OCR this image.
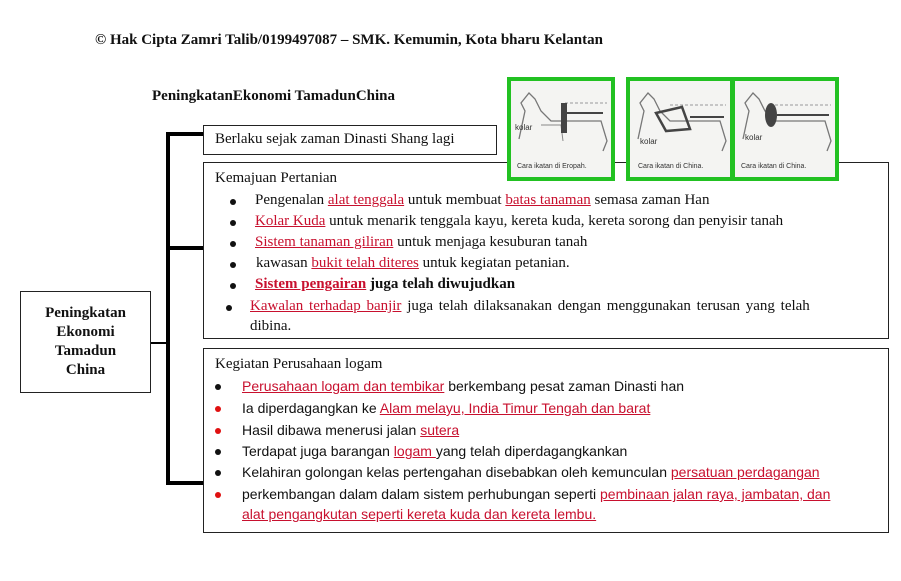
© Hak Cipta Zamri Talib/0199497087 – SMK. Kemumin, Kota bharu Kelantan
PeningkatanEkonomi TamadunChina
Peningkatan
Ekonomi
Tamadun
China
Berlaku sejak zaman Dinasti Shang lagi
Kemajuan Pertanian
Pengenalan alat tenggala untuk membuat batas tanaman semasa zaman Han
Kolar Kuda untuk menarik tenggala kayu, kereta kuda, kereta sorong dan penyisir tanah
Sistem tanaman giliran untuk menjaga kesuburan tanah
kawasan bukit telah diteres untuk kegiatan petanian.
Sistem pengairan juga telah diwujudkan
Kawalan terhadap banjir juga telah dilaksanakan dengan menggunakan terusan yang telah
dibina.
Kegiatan Perusahaan logam
Perusahaan logam dan tembikar berkembang pesat zaman Dinasti han
Ia diperdagangkan ke Alam melayu, India Timur Tengah dan barat
Hasil dibawa menerusi jalan sutera
Terdapat juga barangan logam yang telah diperdagangkankan
Kelahiran golongan kelas pertengahan disebabkan oleh kemunculan persatuan perdagangan
perkembangan dalam dalam sistem perhubungan seperti pembinaan jalan raya, jambatan, dan
alat pengangkutan seperti kereta kuda dan kereta lembu.
kolar
Cara ikatan di Eropah.
kolar
Cara ikatan di China.
kolar
Cara ikatan di China.
